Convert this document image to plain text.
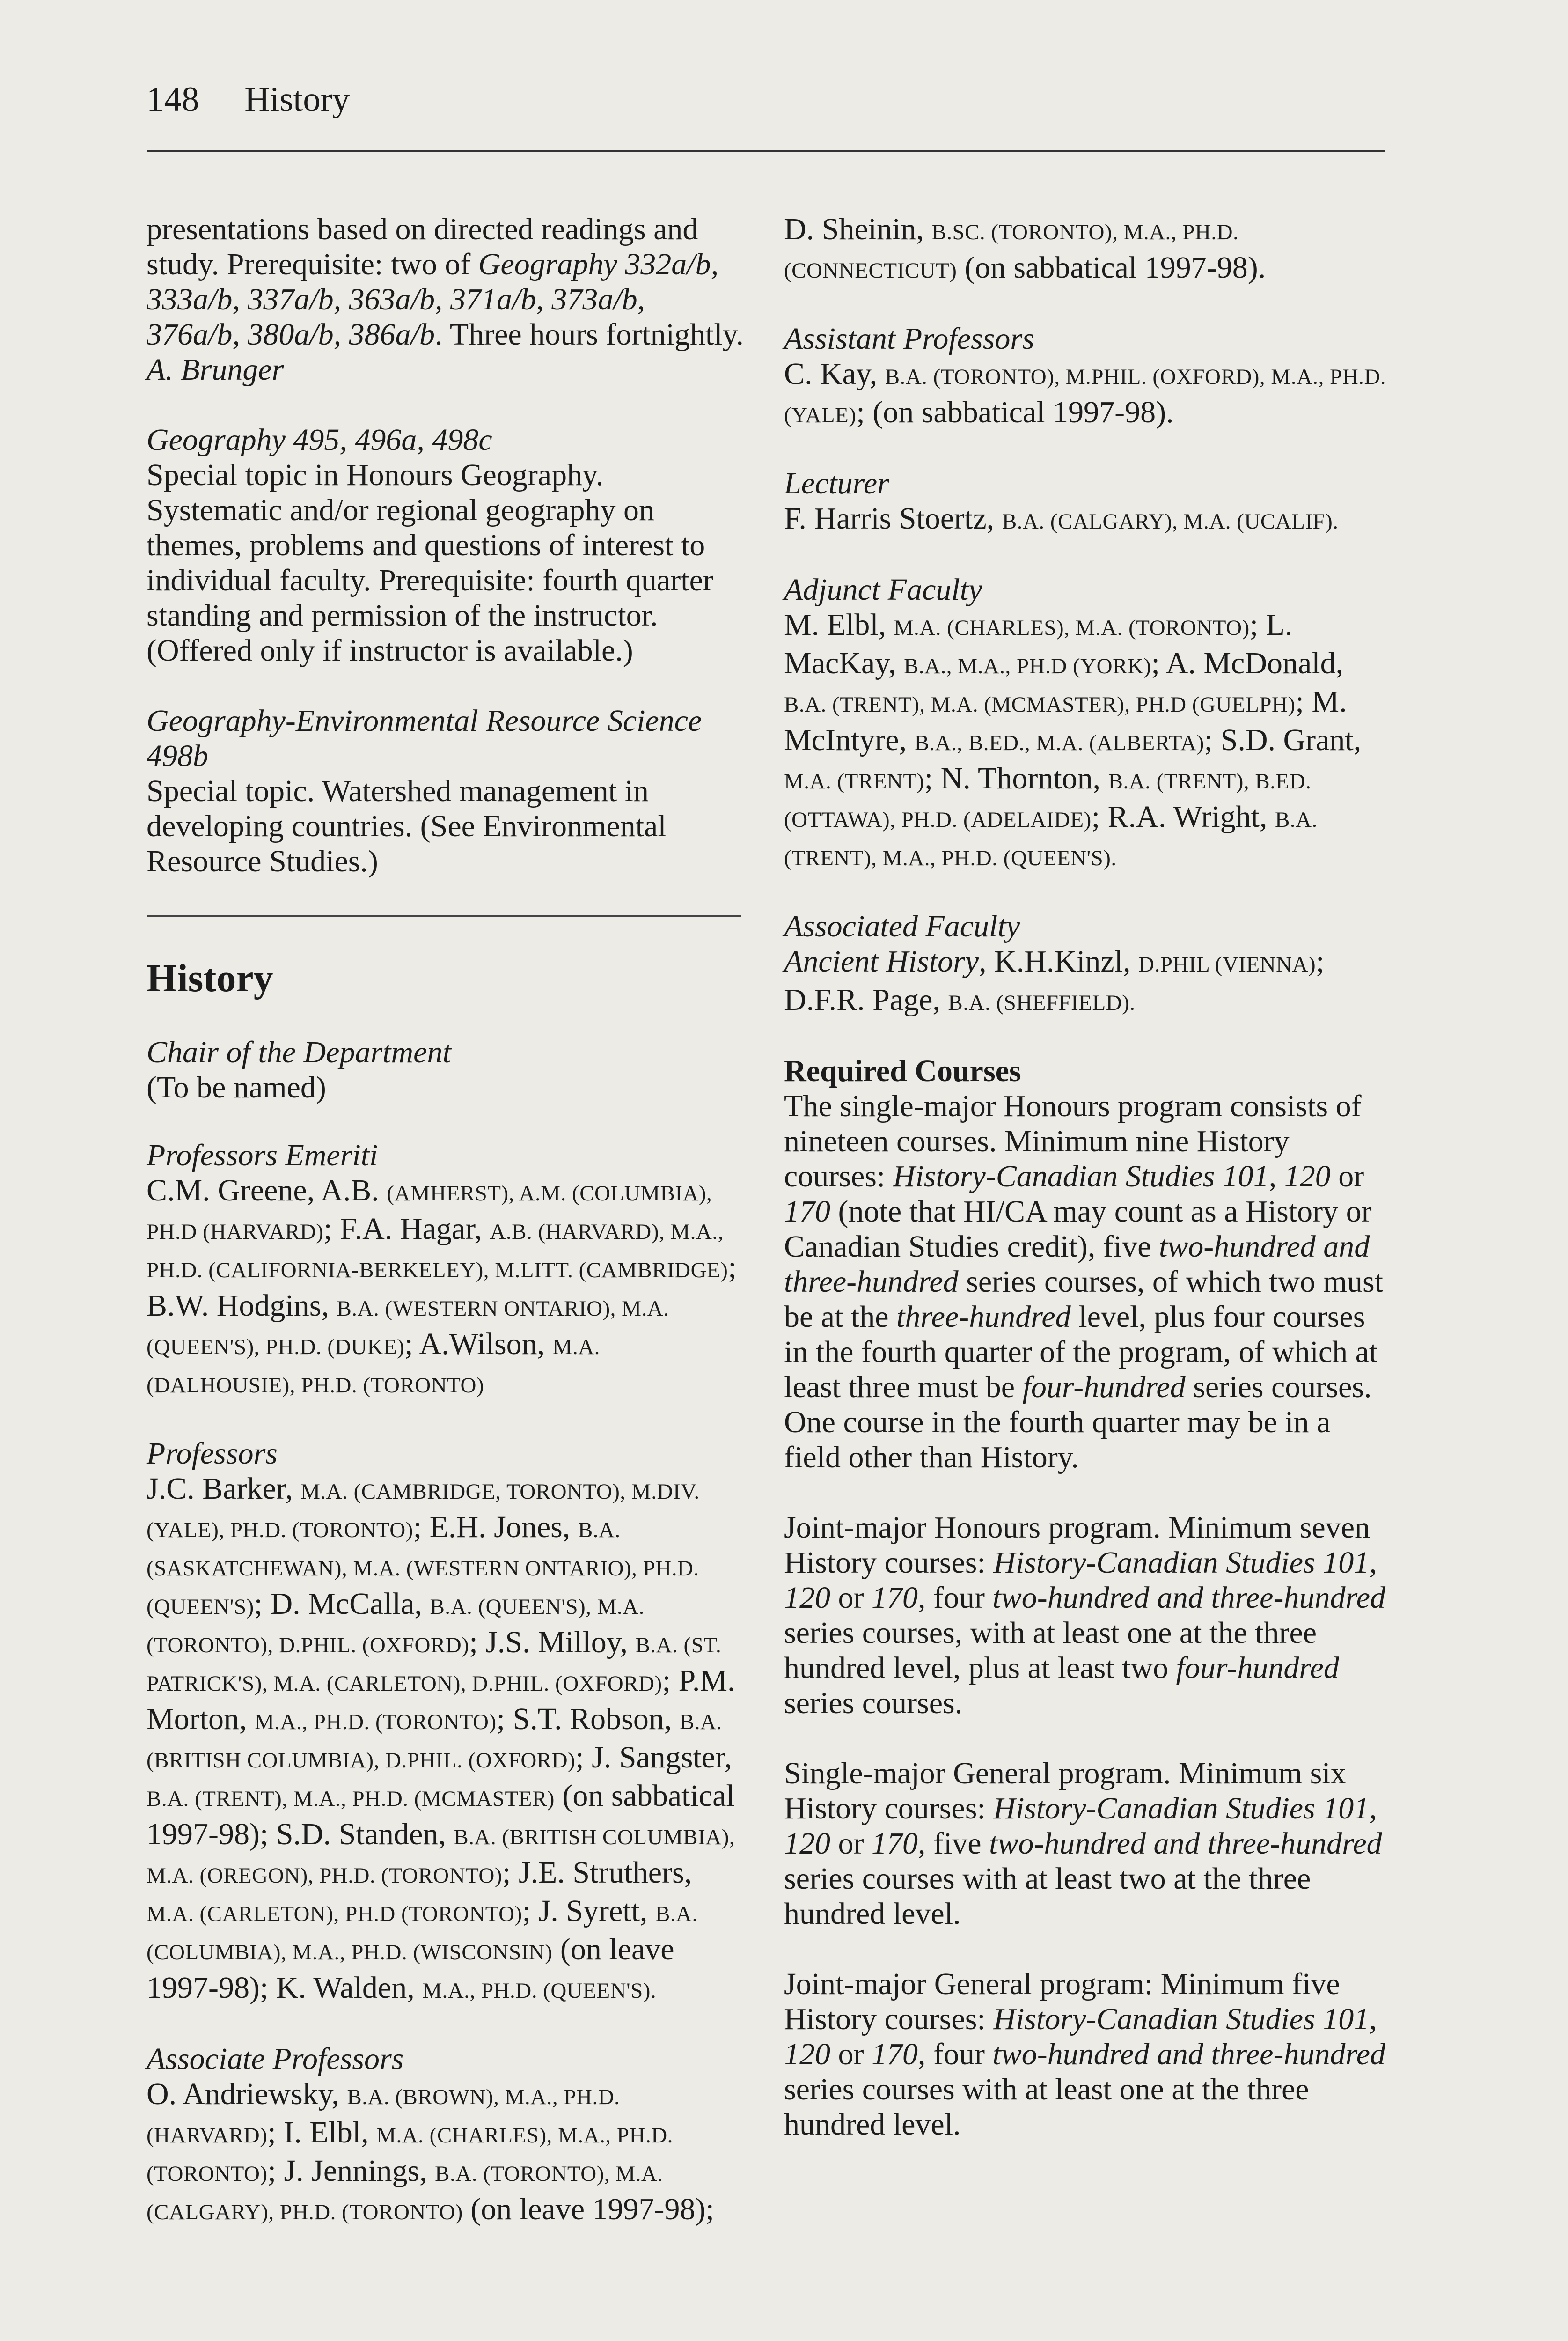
148 History

presentations based on directed readings and study. Prerequisite: two of Geography 332a/b, 333a/b, 337a/b, 363a/b, 371a/b, 373a/b, 376a/b, 380a/b, 386a/b. Three hours fortnightly.

A. Brunger

Geography 495, 496a, 498c

Special topic in Honours Geography. Systematic and/or regional geography on themes, problems and questions of interest to individual faculty. Prerequisite: fourth quarter standing and permission of the instructor. (Offered only if instructor is available.)

Geography-Environmental Resource Science 498b

Special topic. Watershed management in developing countries. (See Environmental Resource Studies.)

History

Chair of the Department

(To be named)

Professors Emeriti

C.M. Greene, A.B. (AMHERST), A.M. (COLUMBIA), PH.D (HARVARD); F.A. Hagar, A.B. (HARVARD), M.A., PH.D. (CALIFORNIA-BERKELEY), M.LITT. (CAMBRIDGE); B.W. Hodgins, B.A. (WESTERN ONTARIO), M.A. (QUEEN'S), PH.D. (DUKE); A.Wilson, M.A. (DALHOUSIE), PH.D. (TORONTO)

Professors

J.C. Barker, M.A. (CAMBRIDGE, TORONTO), M.DIV. (YALE), PH.D. (TORONTO); E.H. Jones, B.A. (SASKATCHEWAN), M.A. (WESTERN ONTARIO), PH.D. (QUEEN'S); D. McCalla, B.A. (QUEEN'S), M.A. (TORONTO), D.PHIL. (OXFORD); J.S. Milloy, B.A. (ST. PATRICK'S), M.A. (CARLETON), D.PHIL. (OXFORD); P.M. Morton, M.A., PH.D. (TORONTO); S.T. Robson, B.A. (BRITISH COLUMBIA), D.PHIL. (OXFORD); J. Sangster, B.A. (TRENT), M.A., PH.D. (MCMASTER) (on sabbatical 1997-98); S.D. Standen, B.A. (BRITISH COLUMBIA), M.A. (OREGON), PH.D. (TORONTO); J.E. Struthers, M.A. (CARLETON), PH.D (TORONTO); J. Syrett, B.A. (COLUMBIA), M.A., PH.D. (WISCONSIN) (on leave 1997-98); K. Walden, M.A., PH.D. (QUEEN'S).

Associate Professors

O. Andriewsky, B.A. (BROWN), M.A., PH.D. (HARVARD); I. Elbl, M.A. (CHARLES), M.A., PH.D. (TORONTO); J. Jennings, B.A. (TORONTO), M.A. (CALGARY), PH.D. (TORONTO) (on leave 1997-98);

D. Sheinin, B.SC. (TORONTO), M.A., PH.D. (CONNECTICUT) (on sabbatical 1997-98).

Assistant Professors

C. Kay, B.A. (TORONTO), M.PHIL. (OXFORD), M.A., PH.D. (YALE); (on sabbatical 1997-98).

Lecturer

F. Harris Stoertz, B.A. (CALGARY), M.A. (UCALIF).

Adjunct Faculty

M. Elbl, M.A. (CHARLES), M.A. (TORONTO); L. MacKay, B.A., M.A., PH.D (YORK); A. McDonald, B.A. (TRENT), M.A. (MCMASTER), PH.D (GUELPH); M. McIntyre, B.A., B.ED., M.A. (ALBERTA); S.D. Grant, M.A. (TRENT); N. Thornton, B.A. (TRENT), B.ED. (OTTAWA), PH.D. (ADELAIDE); R.A. Wright, B.A. (TRENT), M.A., PH.D. (QUEEN'S).

Associated Faculty

Ancient History, K.H.Kinzl, D.PHIL (VIENNA); D.F.R. Page, B.A. (SHEFFIELD).

Required Courses

The single-major Honours program consists of nineteen courses. Minimum nine History courses: History-Canadian Studies 101, 120 or 170 (note that HI/CA may count as a History or Canadian Studies credit), five two-hundred and three-hundred series courses, of which two must be at the three-hundred level, plus four courses in the fourth quarter of the program, of which at least three must be four-hundred series courses. One course in the fourth quarter may be in a field other than History.

Joint-major Honours program. Minimum seven History courses: History-Canadian Studies 101, 120 or 170, four two-hundred and three-hundred series courses, with at least one at the three hundred level, plus at least two four-hundred series courses.

Single-major General program. Minimum six History courses: History-Canadian Studies 101, 120 or 170, five two-hundred and three-hundred series courses with at least two at the three hundred level.

Joint-major General program: Minimum five History courses: History-Canadian Studies 101, 120 or 170, four two-hundred and three-hundred series courses with at least one at the three hundred level.
